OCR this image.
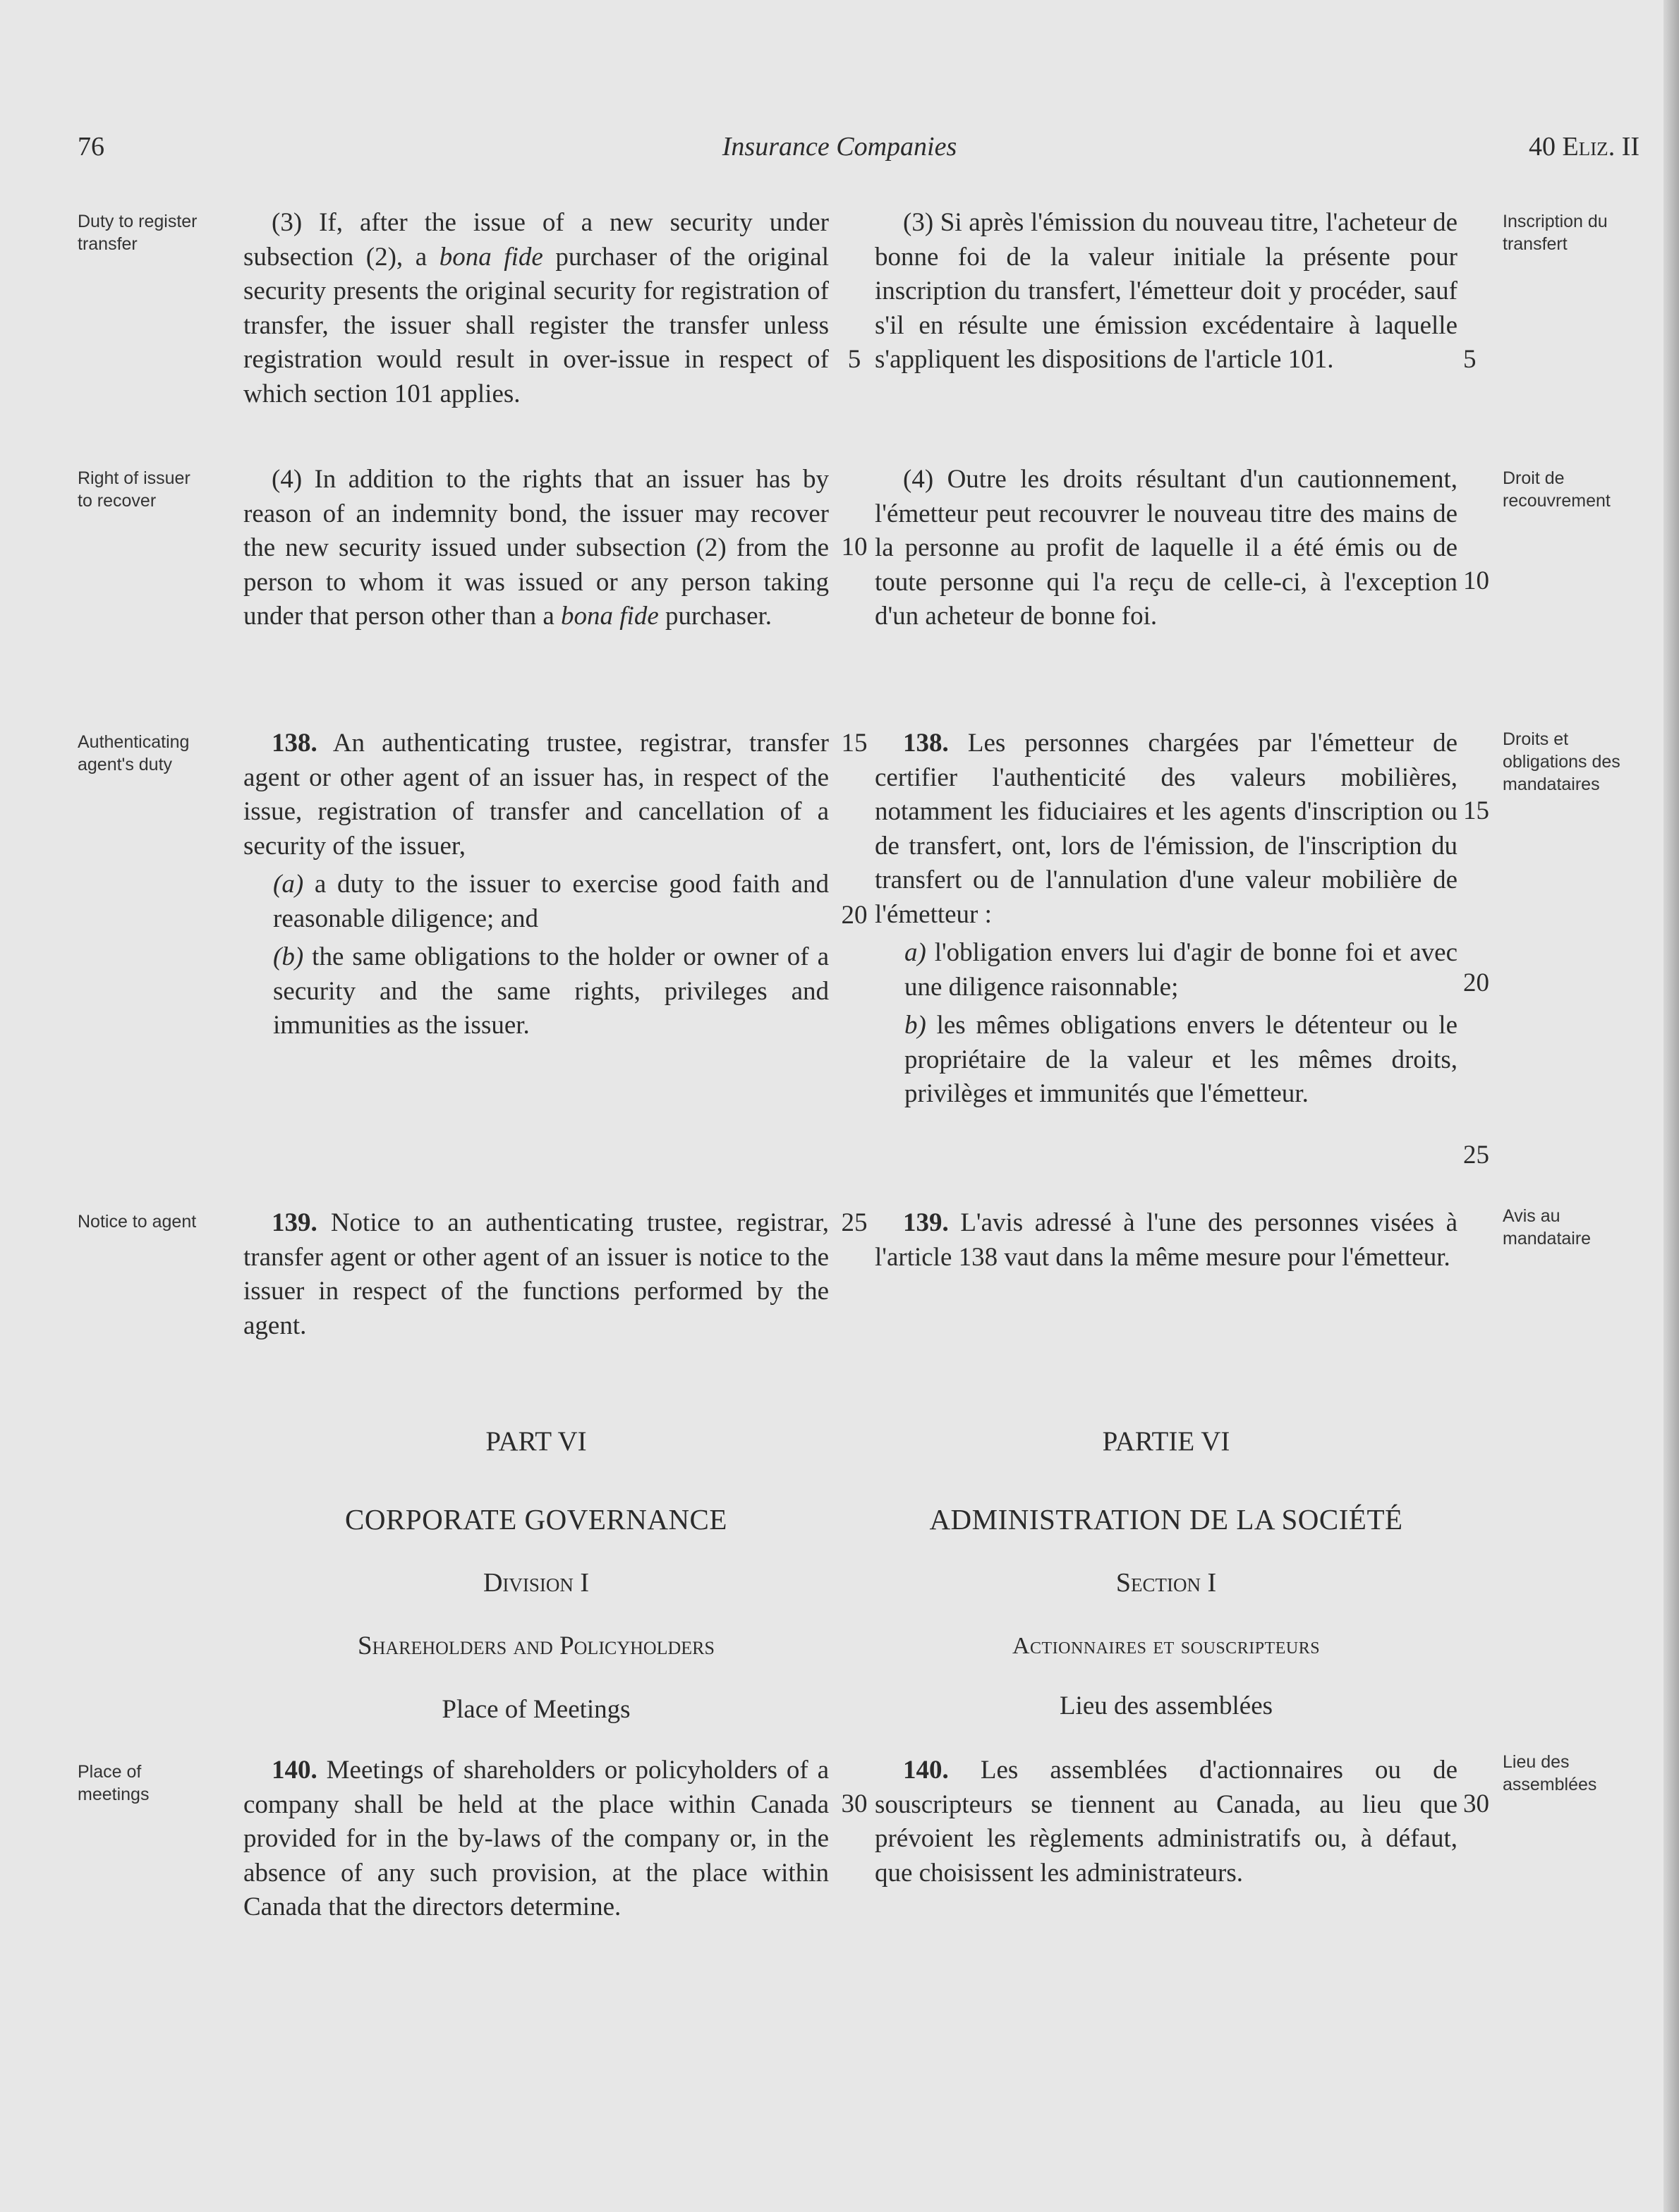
76	Insurance Companies	40 Eliz. II
Duty to register
transfer
Right of issuer
to recover
Authenticating
agent's duty
Notice to agent
Place of
meetings
Inscription du
transfert
Droit de
recouvrement
Droits et
obligations des
mandataires
Avis au
mandataire
Lieu des
assemblées

(3) If, after the issue of a new security under subsection (2), a bona fide purchaser of the original security presents the original security for registration of transfer, the issuer shall register the transfer unless registration would result in over-issue in respect of which section 101 applies.

(4) In addition to the rights that an issuer has by reason of an indemnity bond, the issuer may recover the new security issued under subsection (2) from the person to whom it was issued or any person taking under that person other than a bona fide purchaser.

138. An authenticating trustee, registrar, transfer agent or other agent of an issuer has, in respect of the issue, registration of transfer and cancellation of a security of the issuer,

(a) a duty to the issuer to exercise good faith and reasonable diligence; and

(b) the same obligations to the holder or owner of a security and the same rights, privileges and immunities as the issuer.

139. Notice to an authenticating trustee, registrar, transfer agent or other agent of an issuer is notice to the issuer in respect of the functions performed by the agent.

PART VI
CORPORATE GOVERNANCE
Division I
Shareholders and Policyholders
Place of Meetings

140. Meetings of shareholders or policyholders of a company shall be held at the place within Canada provided for in the by-laws of the company or, in the absence of any such provision, at the place within Canada that the directors determine.

(3) Si après l'émission du nouveau titre, l'acheteur de bonne foi de la valeur initiale la présente pour inscription du transfert, l'émetteur doit y procéder, sauf s'il en résulte une émission excédentaire à laquelle s'appliquent les dispositions de l'article 101.

(4) Outre les droits résultant d'un cautionnement, l'émetteur peut recouvrer le nouveau titre des mains de la personne au profit de laquelle il a été émis ou de toute personne qui l'a reçu de celle-ci, à l'exception d'un acheteur de bonne foi.

138. Les personnes chargées par l'émetteur de certifier l'authenticité des valeurs mobilières, notamment les fiduciaires et les agents d'inscription ou de transfert, ont, lors de l'émission, de l'inscription du transfert ou de l'annulation d'une valeur mobilière de l'émetteur :

a) l'obligation envers lui d'agir de bonne foi et avec une diligence raisonnable;

b) les mêmes obligations envers le détenteur ou le propriétaire de la valeur et les mêmes droits, privilèges et immunités que l'émetteur.

139. L'avis adressé à l'une des personnes visées à l'article 138 vaut dans la même mesure pour l'émetteur.

PARTIE VI
ADMINISTRATION DE LA SOCIÉTÉ
Section I
Actionnaires et souscripteurs
Lieu des assemblées

140. Les assemblées d'actionnaires ou de souscripteurs se tiennent au Canada, au lieu que prévoient les règlements administratifs ou, à défaut, que choisissent les administrateurs.

5
10
15
20
25
30
5
10
15
20
25
30
